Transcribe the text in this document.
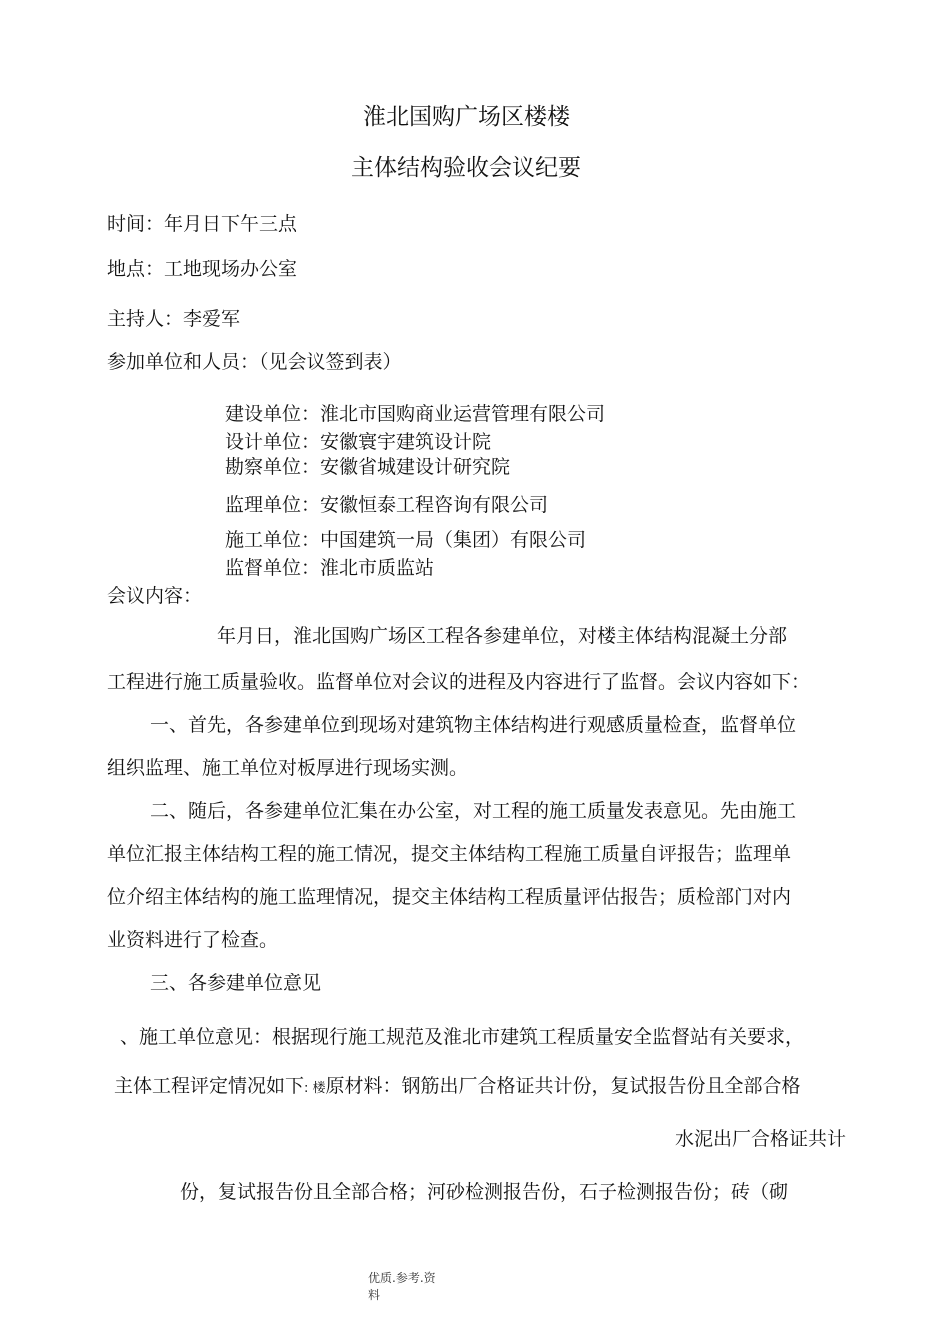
淮北国购广场区楼楼
主体结构验收会议纪要
时间：年月日下午三点
地点：工地现场办公室
主持人：李爱军
参加单位和人员：（见会议签到表）
建设单位：淮北市国购商业运营管理有限公司
设计单位：安徽寰宇建筑设计院
勘察单位：安徽省城建设计研究院
监理单位：安徽恒泰工程咨询有限公司
施工单位：中国建筑一局（集团）有限公司
监督单位：淮北市质监站
会议内容：
年月日，淮北国购广场区工程各参建单位，对楼主体结构混凝土分部
工程进行施工质量验收。监督单位对会议的进程及内容进行了监督。会议内容如下：
一、首先，各参建单位到现场对建筑物主体结构进行观感质量检查，监督单位
组织监理、施工单位对板厚进行现场实测。
二、随后，各参建单位汇集在办公室，对工程的施工质量发表意见。先由施工
单位汇报主体结构工程的施工情况，提交主体结构工程施工质量自评报告；监理单
位介绍主体结构的施工监理情况，提交主体结构工程质量评估报告；质检部门对内
业资料进行了检查。
三、各参建单位意见
、施工单位意见：根据现行施工规范及淮北市建筑工程质量安全监督站有关要求，
主体工程评定情况如下: 楼原材料：钢筋出厂合格证共计份，复试报告份且全部合格
水泥出厂合格证共计
份，复试报告份且全部合格；河砂检测报告份，石子检测报告份；砖（砌
优质.参考.资
料
